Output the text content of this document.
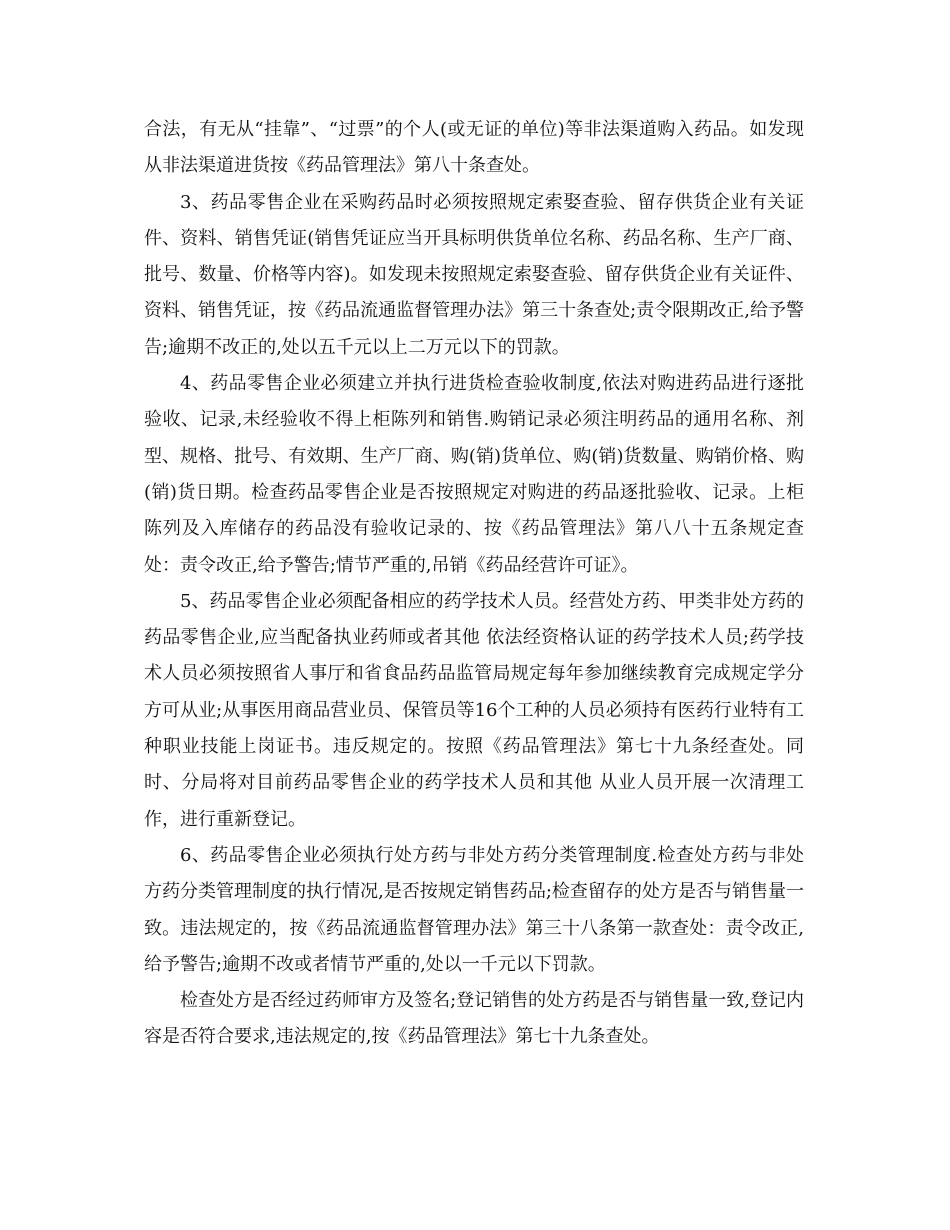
合法，有无从“挂靠”、“过票”的个人(或无证的单位)等非法渠道购入药品。如发现从非法渠道进货按《药品管理法》第八十条查处。

3、药品零售企业在采购药品时必须按照规定索娶查验、留存供货企业有关证件、资料、销售凭证(销售凭证应当开具标明供货单位名称、药品名称、生产厂商、批号、数量、价格等内容)。如发现未按照规定索娶查验、留存供货企业有关证件、资料、销售凭证，按《药品流通监督管理办法》第三十条查处;责令限期改正,给予警告;逾期不改正的,处以五千元以上二万元以下的罚款。

4、药品零售企业必须建立并执行进货检查验收制度,依法对购进药品进行逐批验收、记录,未经验收不得上柜陈列和销售.购销记录必须注明药品的通用名称、剂型、规格、批号、有效期、生产厂商、购(销)货单位、购(销)货数量、购销价格、购(销)货日期。检查药品零售企业是否按照规定对购进的药品逐批验收、记录。上柜陈列及入库储存的药品没有验收记录的、按《药品管理法》第八八十五条规定查处：责令改正,给予警告;情节严重的,吊销《药品经营许可证》。

5、药品零售企业必须配备相应的药学技术人员。经营处方药、甲类非处方药的药品零售企业,应当配备执业药师或者其他 依法经资格认证的药学技术人员;药学技术人员必须按照省人事厅和省食品药品监管局规定每年参加继续教育完成规定学分方可从业;从事医用商品营业员、保管员等16个工种的人员必须持有医药行业特有工种职业技能上岗证书。违反规定的。按照《药品管理法》第七十九条经查处。同时、分局将对目前药品零售企业的药学技术人员和其他 从业人员开展一次清理工作，进行重新登记。

6、药品零售企业必须执行处方药与非处方药分类管理制度.检查处方药与非处方药分类管理制度的执行情况,是否按规定销售药品;检查留存的处方是否与销售量一致。违法规定的，按《药品流通监督管理办法》第三十八条第一款查处：责令改正,给予警告;逾期不改或者情节严重的,处以一千元以下罚款。

检查处方是否经过药师审方及签名;登记销售的处方药是否与销售量一致,登记内容是否符合要求,违法规定的,按《药品管理法》第七十九条查处。
